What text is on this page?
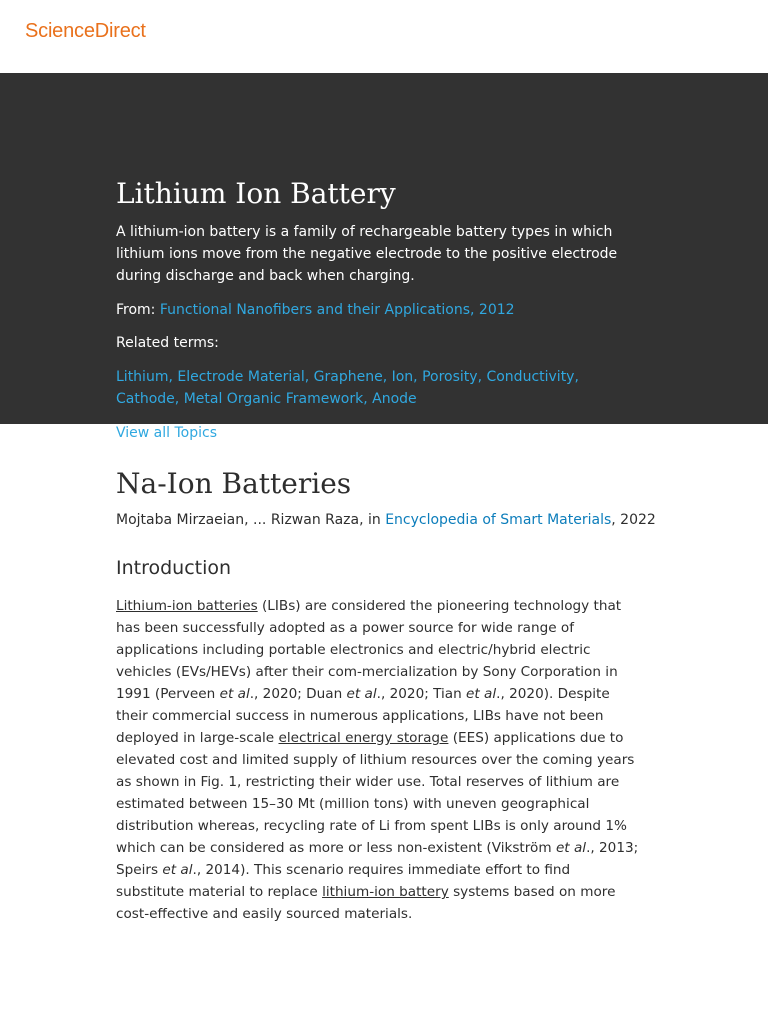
ScienceDirect
Lithium Ion Battery

A lithium-ion battery is a family of rechargeable battery types in which lithium ions move from the negative electrode to the positive electrode during discharge and back when charging.

From: Functional Nanofibers and their Applications, 2012
Related terms:
Lithium, Electrode Material, Graphene, Ion, Porosity, Conductivity, Cathode, Metal Organic Framework, Anode
View all Topics
Na-Ion Batteries
Mojtaba Mirzaeian, ... Rizwan Raza, in Encyclopedia of Smart Materials, 2022
Introduction

Lithium-ion batteries (LIBs) are considered the pioneering technology that has been successfully adopted as a power source for wide range of applications including portable electronics and electric/hybrid electric vehicles (EVs/HEVs) after their com-mercialization by Sony Corporation in 1991 (Perveen et al., 2020; Duan et al., 2020; Tian et al., 2020). Despite their commercial success in numerous applications, LIBs have not been deployed in large-scale electrical energy storage (EES) applications due to elevated cost and limited supply of lithium resources over the coming years as shown in Fig. 1, restricting their wider use. Total reserves of lithium are estimated between 15–30 Mt (million tons) with uneven geographical distribution whereas, recycling rate of Li from spent LIBs is only around 1% which can be considered as more or less non-existent (Vikström et al., 2013; Speirs et al., 2014). This scenario requires immediate effort to find substitute material to replace lithium-ion battery systems based on more cost-effective and easily sourced materials.
